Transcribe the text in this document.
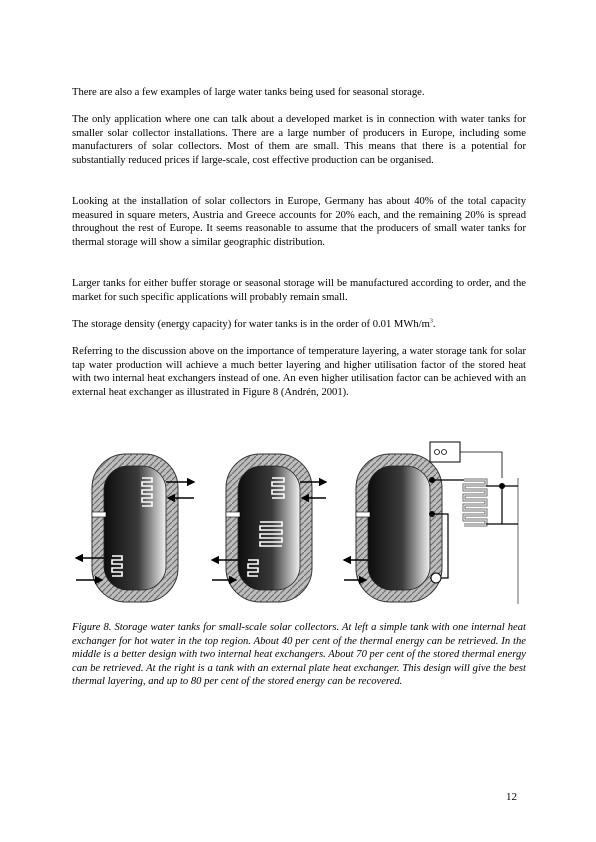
There are also a few examples of large water tanks being used for seasonal storage.

The only application where one can talk about a developed market is in connection with water tanks for smaller solar collector installations. There are a large number of producers in Europe, including some manufacturers of solar collectors. Most of them are small. This means that there is a potential for substantially reduced prices if large-scale, cost effective production can be organised.

Looking at the installation of solar collectors in Europe, Germany has about 40% of the total capacity measured in square meters, Austria and Greece accounts for 20% each, and the remaining 20% is spread throughout the rest of Europe. It seems reasonable to assume that the producers of small water tanks for thermal storage will show a similar geographic distribution.

Larger tanks for either buffer storage or seasonal storage will be manufactured according to order, and the market for such specific applications will probably remain small.

The storage density (energy capacity) for water tanks is in the order of 0.01 MWh/$m^3$.

Referring to the discussion above on the importance of temperature layering, a water storage tank for solar tap water production will achieve a much better layering and higher utilisation factor of the stored heat with two internal heat exchangers instead of one. An even higher utilisation factor can be achieved with an external heat exchanger as illustrated in Figure 8 (Andrén, 2001).

Figure 8. Storage water tanks for small-scale solar collectors. At left a simple tank with one internal heat exchanger for hot water in the top region. About 40 per cent of the thermal energy can be retrieved. In the middle is a better design with two internal heat exchangers. About 70 per cent of the stored thermal energy can be retrieved. At the right is a tank with an external plate heat exchanger. This design will give the best thermal layering, and up to 80 per cent of the stored energy can be recovered.

12
